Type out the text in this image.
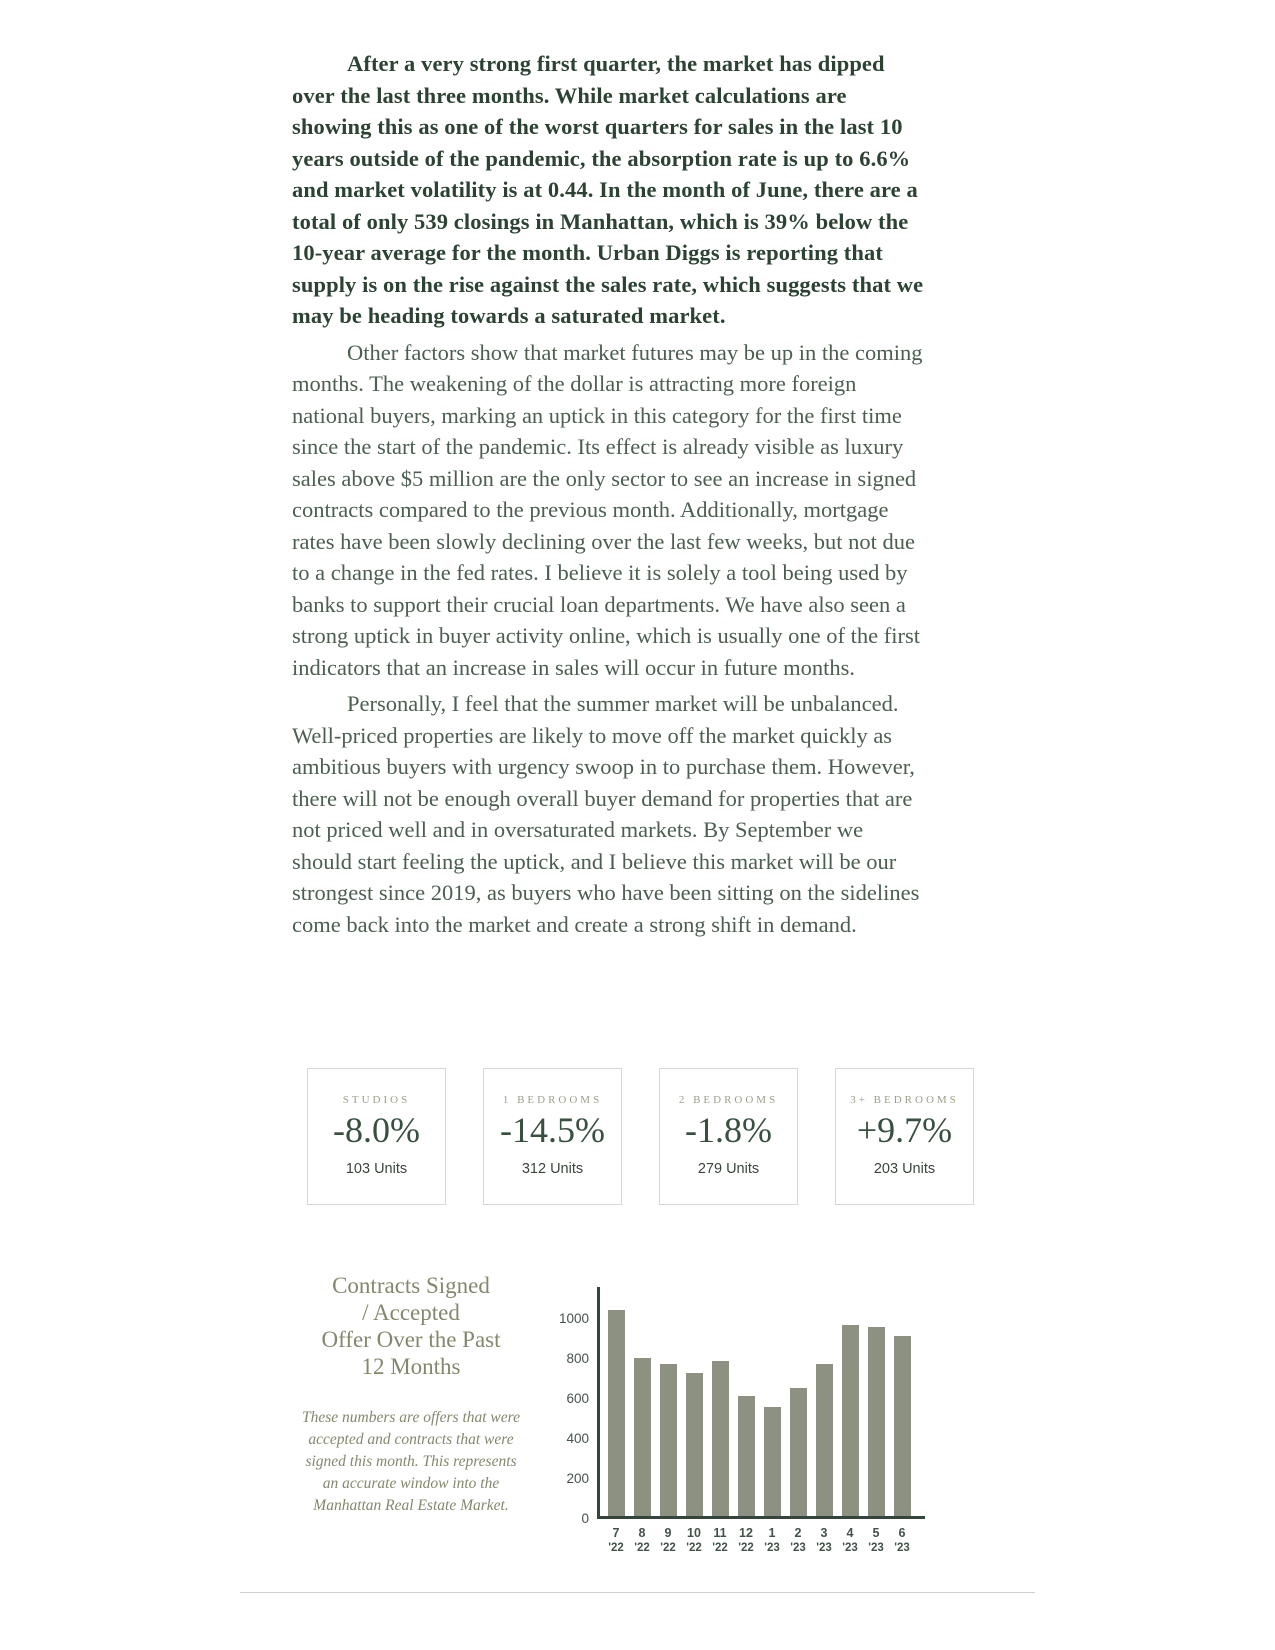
After a very strong first quarter, the market has dipped over the last three months. While market calculations are showing this as one of the worst quarters for sales in the last 10 years outside of the pandemic, the absorption rate is up to 6.6% and market volatility is at 0.44. In the month of June, there are a total of only 539 closings in Manhattan, which is 39% below the 10-year average for the month. Urban Diggs is reporting that supply is on the rise against the sales rate, which suggests that we may be heading towards a saturated market.

Other factors show that market futures may be up in the coming months. The weakening of the dollar is attracting more foreign national buyers, marking an uptick in this category for the first time since the start of the pandemic. Its effect is already visible as luxury sales above $5 million are the only sector to see an increase in signed contracts compared to the previous month. Additionally, mortgage rates have been slowly declining over the last few weeks, but not due to a change in the fed rates. I believe it is solely a tool being used by banks to support their crucial loan departments. We have also seen a strong uptick in buyer activity online, which is usually one of the first indicators that an increase in sales will occur in future months.

Personally, I feel that the summer market will be unbalanced. Well-priced properties are likely to move off the market quickly as ambitious buyers with urgency swoop in to purchase them. However, there will not be enough overall buyer demand for properties that are not priced well and in oversaturated markets. By September we should start feeling the uptick, and I believe this market will be our strongest since 2019, as buyers who have been sitting on the sidelines come back into the market and create a strong shift in demand.

STUDIOS
-8.0%
103 Units
1 BEDROOMS
-14.5%
312 Units
2 BEDROOMS
-1.8%
279 Units
3+ BEDROOMS
+9.7%
203 Units
Contracts Signed
/ Accepted
Offer Over the Past
12 Months
These numbers are offers that were accepted and contracts that were signed this month. This represents an accurate window into the Manhattan Real Estate Market.
0
200
400
600
800
1000
7	8	9	10 11 12	1	2	3	4	5	6
'22 '22 '22 '22 '22 '22 '23 '23 '23 '23 '23 '23
